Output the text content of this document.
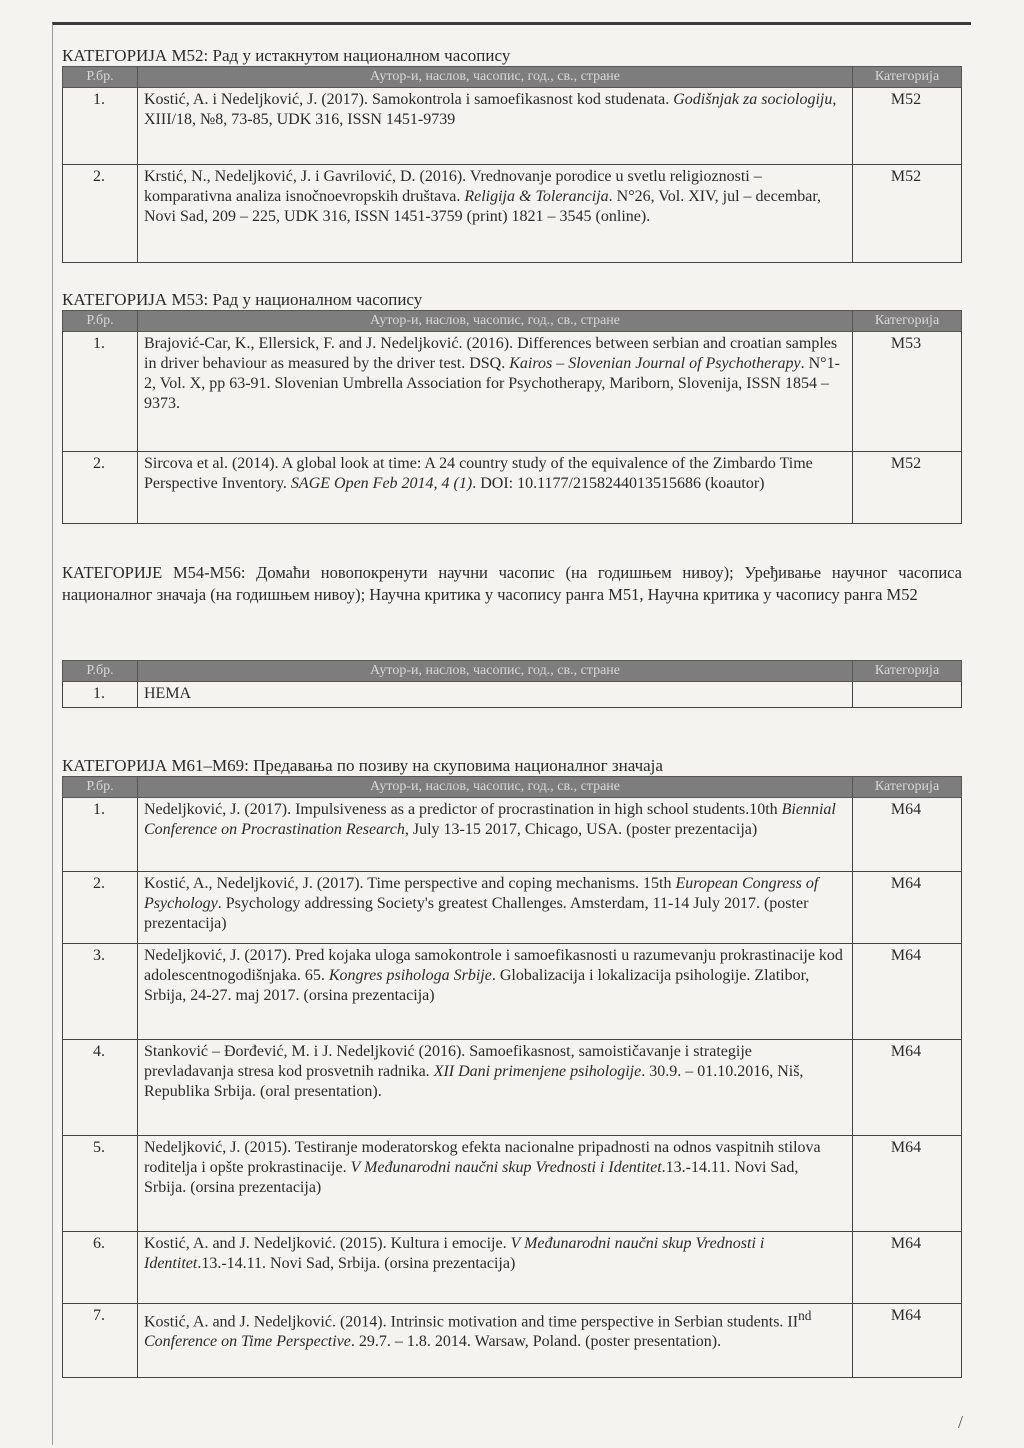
КАТЕГОРИЈА М52: Рад у истакнутом националном часопису
Р.бр.	Аутор-и, наслов, часопис, год., св., стране	Категорија
1.	Kostić, A. i Nedeljković, J. (2017). Samokontrola i samoefikasnost kod studenata. Godišnjak za sociologiju, XIII/18, №8, 73-85, UDK 316, ISSN 1451-9739	M52
2.	Krstić, N., Nedeljković, J. i Gavrilović, D. (2016). Vrednovanje porodice u svetlu religioznosti – komparativna analiza isnočnoevropskih društava. Religija & Tolerancija. N°26, Vol. XIV, jul – decembar, Novi Sad, 209 – 225, UDK 316, ISSN 1451-3759 (print) 1821 – 3545 (online).	M52
КАТЕГОРИЈА М53: Рад у националном часопису
Р.бр.	Аутор-и, наслов, часопис, год., св., стране	Категорија
1.	Brajović-Car, K., Ellersick, F. and J. Nedeljković. (2016). Differences between serbian and croatian samples in driver behaviour as measured by the driver test. DSQ. Kairos – Slovenian Journal of Psychotherapy. N°1-2, Vol. X, pp 63-91. Slovenian Umbrella Association for Psychotherapy, Mariborn, Slovenija, ISSN 1854 – 9373.	M53
2.	Sircova et al. (2014). A global look at time: A 24 country study of the equivalence of the Zimbardo Time Perspective Inventory. SAGE Open Feb 2014, 4 (1). DOI: 10.1177/2158244013515686 (koautor)	M52
КАТЕГОРИЈЕ М54-М56: Домаћи новопокренути научни часопис (на годишњем нивоу); Уређивање научног часописа националног значаја (на годишњем нивоу); Научна критика у часопису ранга М51, Научна критика у часопису ранга М52
Р.бр.	Аутор-и, наслов, часопис, год., св., стране	Категорија
1.	НЕМА	
КАТЕГОРИЈА М61–М69: Предавања по позиву на скуповима националног значаја
Р.бр.	Аутор-и, наслов, часопис, год., св., стране	Категорија
1.	Nedeljković, J. (2017). Impulsiveness as a predictor of procrastination in high school students.10th Biennial Conference on Procrastination Research, July 13-15 2017, Chicago, USA. (poster prezentacija)	M64
2.	Kostić, A., Nedeljković, J. (2017). Time perspective and coping mechanisms. 15th European Congress of Psychology. Psychology addressing Society's greatest Challenges. Amsterdam, 11-14 July 2017. (poster prezentacija)	M64
3.	Nedeljković, J. (2017). Pred kojaka uloga samokontrole i samoefikasnosti u razumevanju prokrastinacije kod adolescentnogodišnjaka. 65. Kongres psihologa Srbije. Globalizacija i lokalizacija psihologije. Zlatibor, Srbija, 24-27. maj 2017. (orsina prezentacija)	M64
4.	Stanković – Đorđević, M. i J. Nedeljković (2016). Samoefikasnost, samoističavanje i strategije prevladavanja stresa kod prosvetnih radnika. XII Dani primenjene psihologije. 30.9. – 01.10.2016, Niš, Republika Srbija. (oral presentation).	M64
5.	Nedeljković, J. (2015). Testiranje moderatorskog efekta nacionalne pripadnosti na odnos vaspitnih stilova roditelja i opšte prokrastinacije. V Međunarodni naučni skup Vrednosti i Identitet.13.-14.11. Novi Sad, Srbija. (orsina prezentacija)	M64
6.	Kostić, A. and J. Nedeljković. (2015). Kultura i emocije. V Međunarodni naučni skup Vrednosti i Identitet.13.-14.11. Novi Sad, Srbija. (orsina prezentacija)	M64
7.	Kostić, A. and J. Nedeljković. (2014). Intrinsic motivation and time perspective in Serbian students. IInd Conference on Time Perspective. 29.7. – 1.8. 2014. Warsaw, Poland. (poster presentation).	M64
/
